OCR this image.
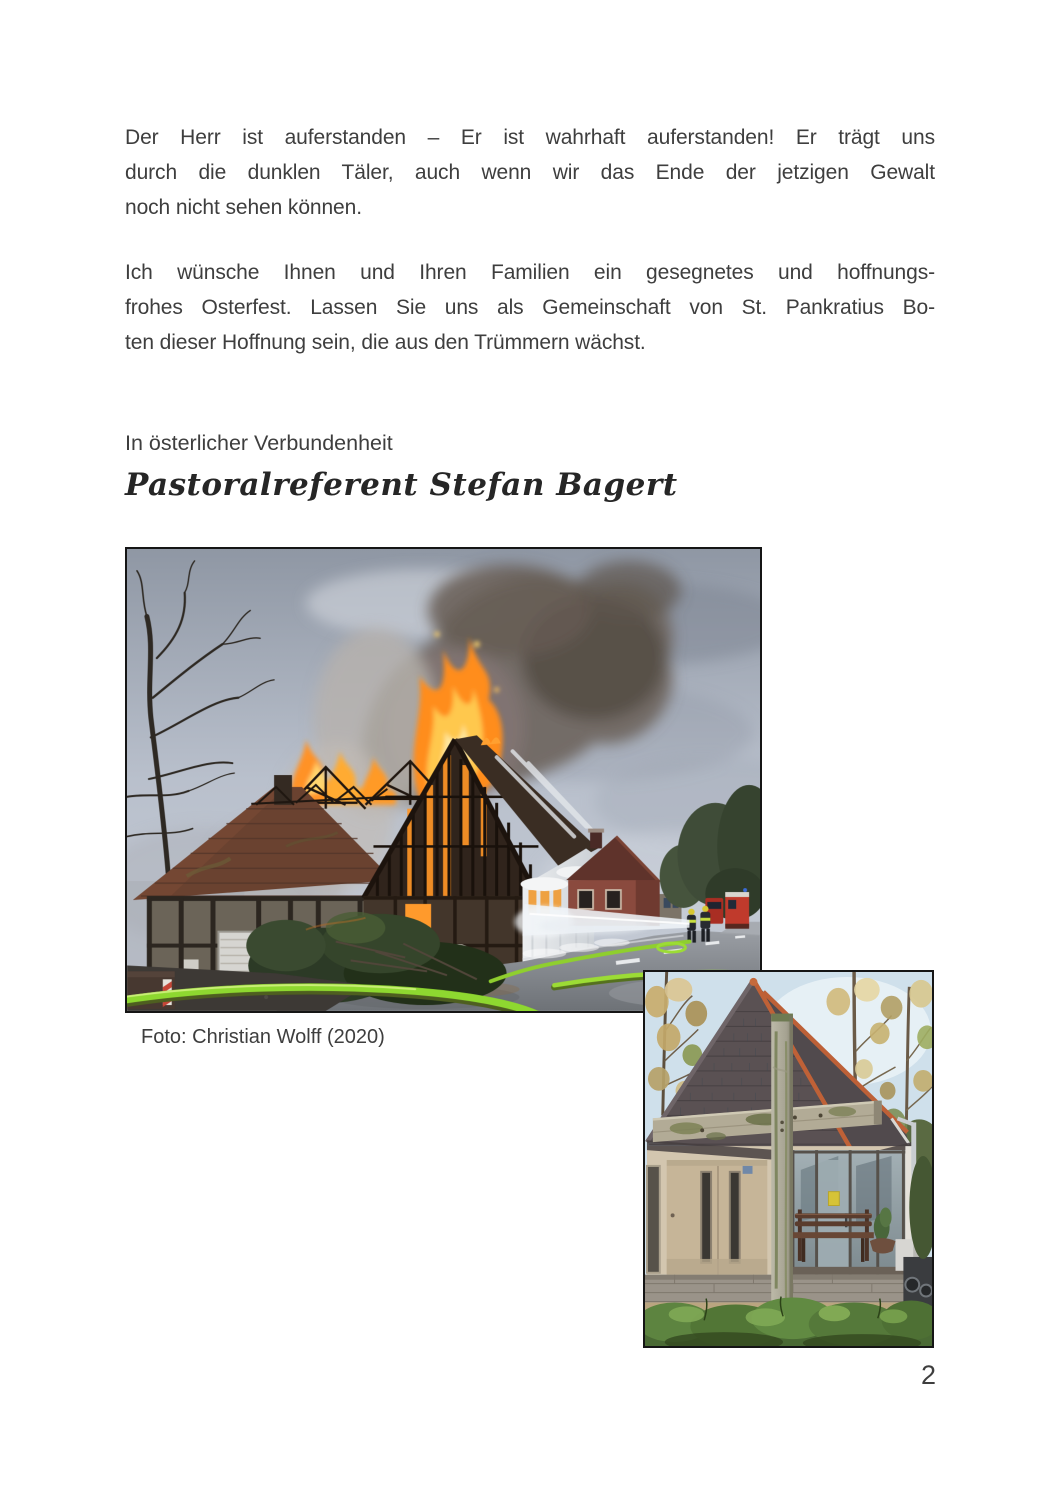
Der Herr ist auferstanden – Er ist wahrhaft auferstanden! Er trägt uns
durch die dunklen Täler, auch wenn wir das Ende der jetzigen Gewalt
noch nicht sehen können.

Ich wünsche Ihnen und Ihren Familien ein gesegnetes und hoffnungs-
frohes Osterfest. Lassen Sie uns als Gemeinschaft von St. Pankratius Bo-
ten dieser Hoffnung sein, die aus den Trümmern wächst.

In österlicher Verbundenheit

Pastoralreferent Stefan Bagert

Foto: Christian Wolff (2020)
2
